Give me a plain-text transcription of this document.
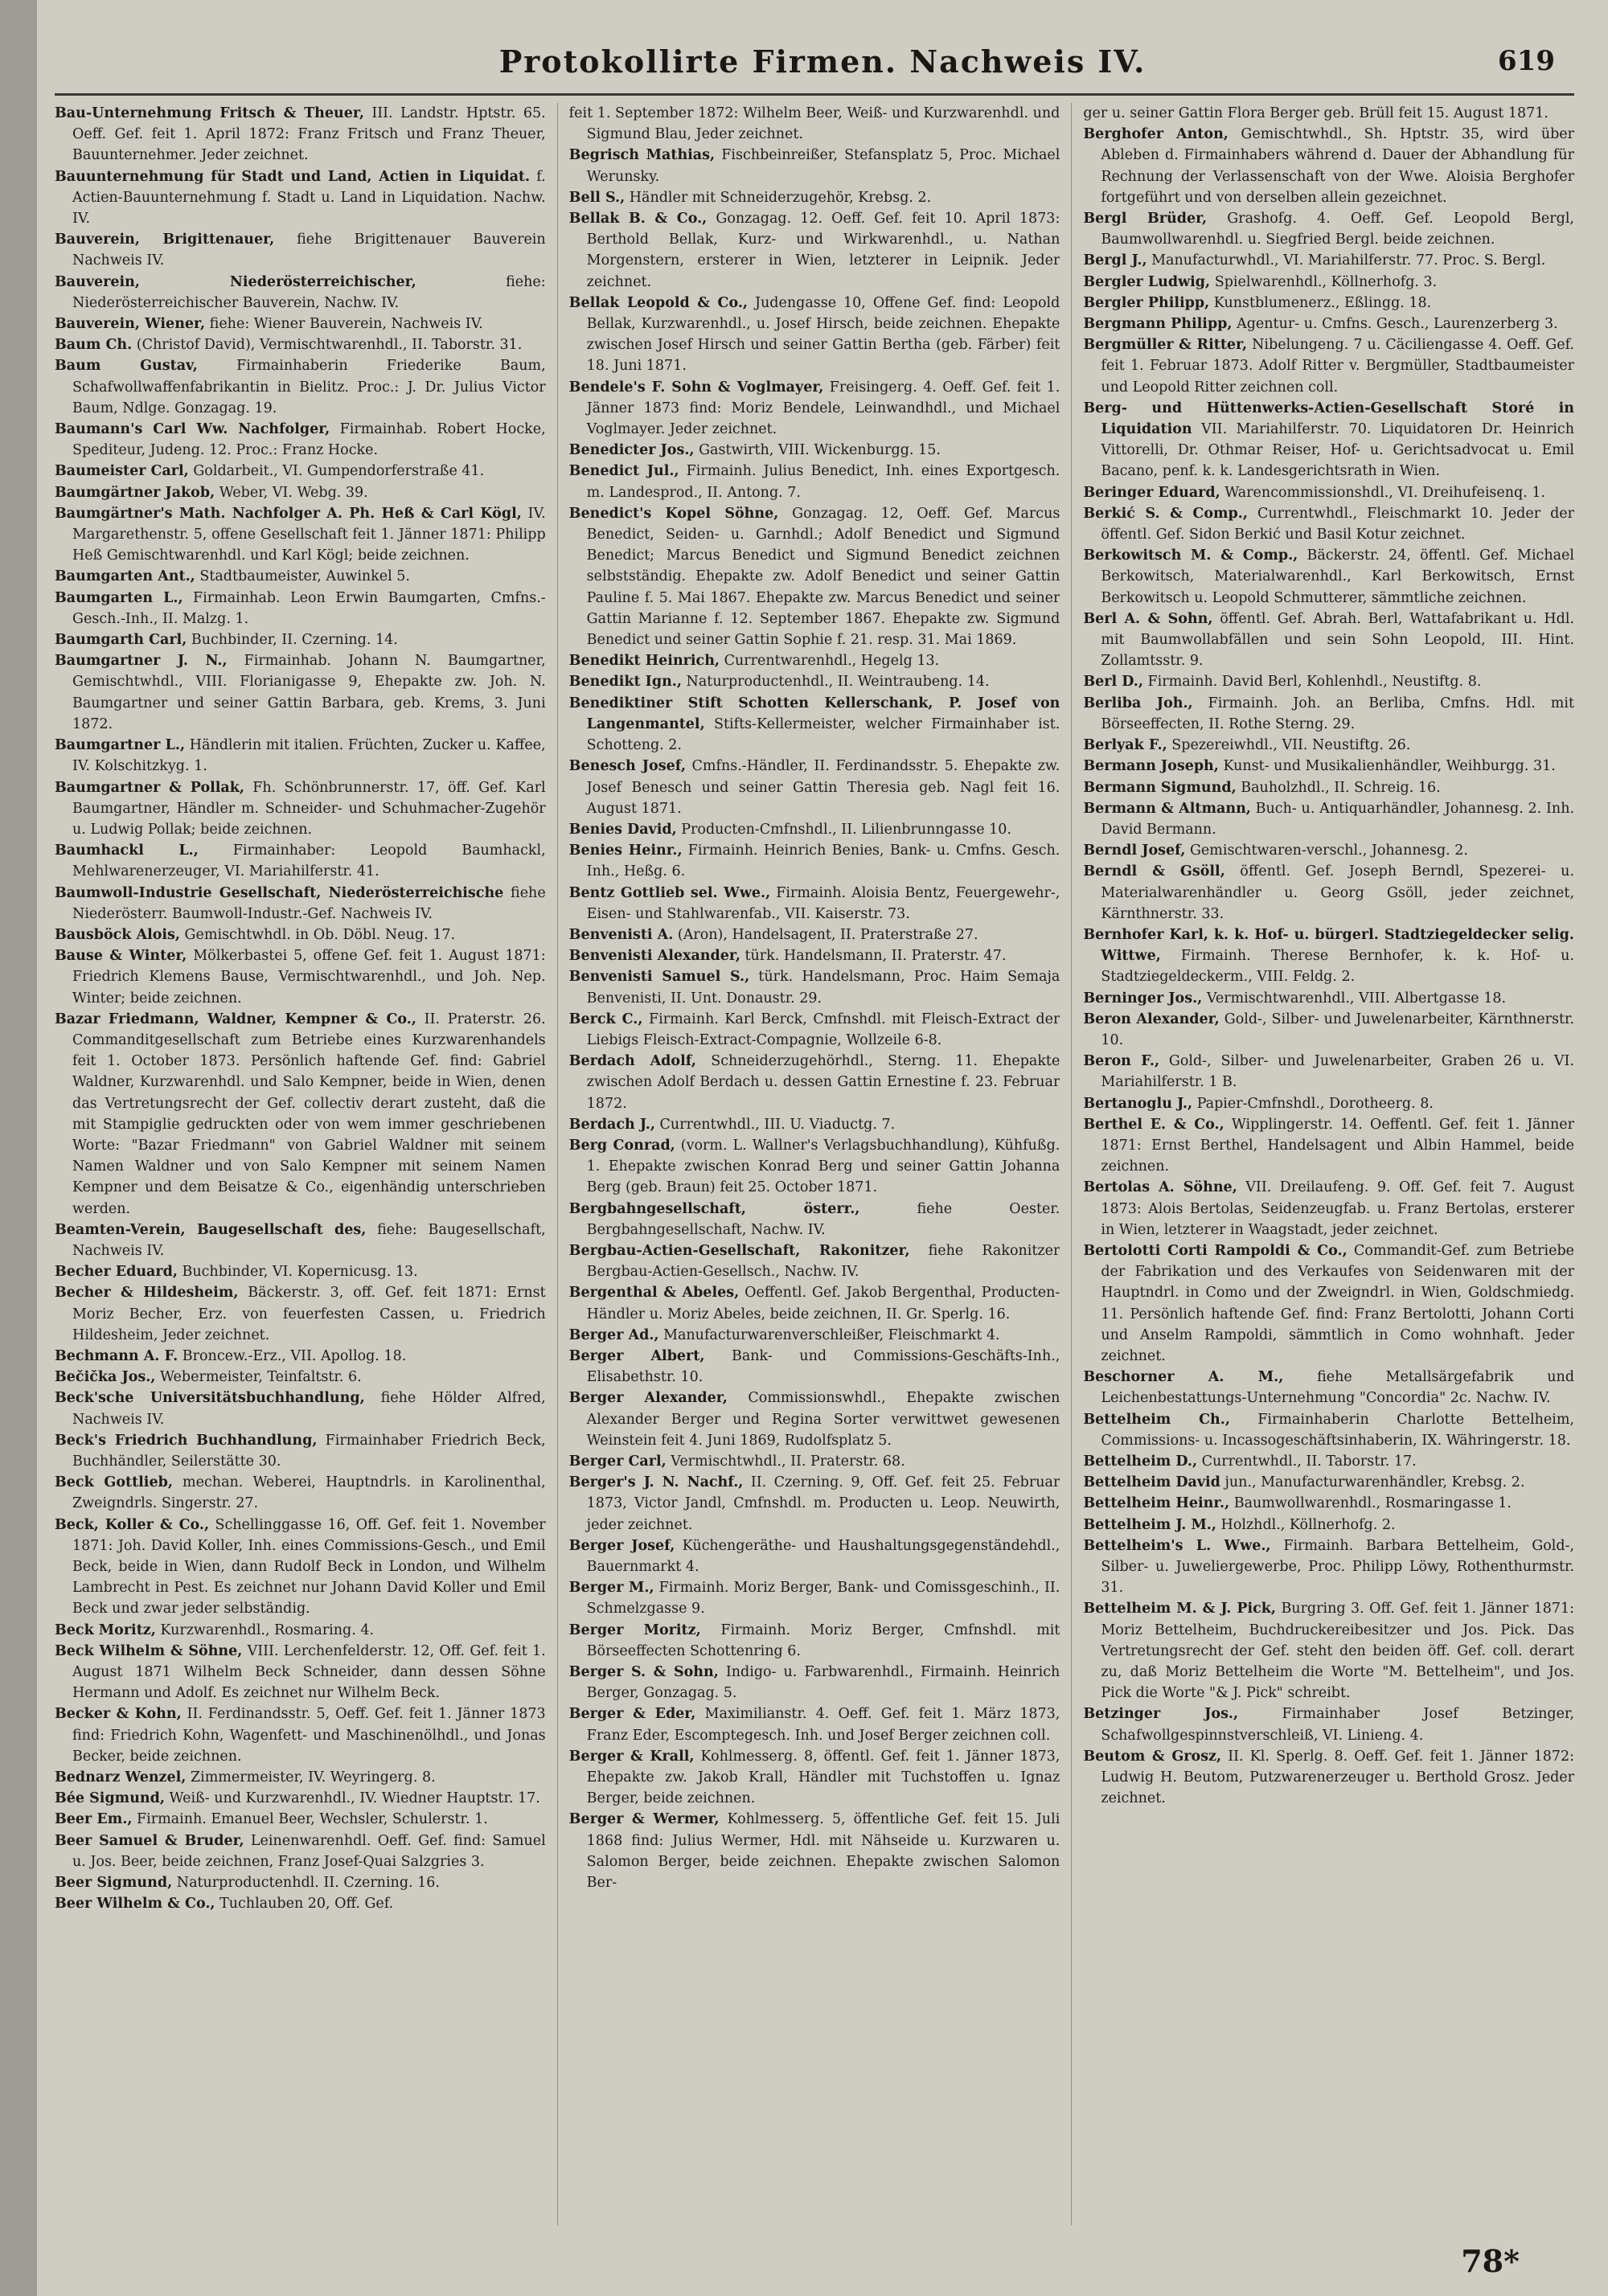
Protokollirte Firmen. Nachweis IV.	619

Bau-Unternehmung Fritsch & Theuer, III. Landstr. Hptstr. 65. Oeff. Gef. feit 1. April 1872: Franz Fritsch und Franz Theuer, Bauunternehmer. Jeder zeichnet.

Bauunternehmung für Stadt und Land, Actien in Liquidat. f. Actien-Bauunternehmung f. Stadt u. Land in Liquidation. Nachw. IV.

Bauverein, Brigittenauer, fiehe Brigittenauer Bauverein Nachweis IV.

Bauverein, Niederösterreichischer, fiehe: Niederösterreichischer Bauverein, Nachw. IV.

Bauverein, Wiener, fiehe: Wiener Bauverein, Nachweis IV.

Baum Ch. (Christof David), Vermischtwarenhdl., II. Taborstr. 31.

Baum Gustav, Firmainhaberin Friederike Baum, Schafwollwaffenfabrikantin in Bielitz. Proc.: J. Dr. Julius Victor Baum, Ndlge. Gonzagag. 19.

Baumann's Carl Ww. Nachfolger, Firmainhab. Robert Hocke, Spediteur, Judeng. 12. Proc.: Franz Hocke.

Baumeister Carl, Goldarbeit., VI. Gumpendorferstraße 41.

Baumgärtner Jakob, Weber, VI. Webg. 39.

Baumgärtner's Math. Nachfolger A. Ph. Heß & Carl Kögl, IV. Margarethenstr. 5, offene Gesellschaft feit 1. Jänner 1871: Philipp Heß Gemischtwarenhdl. und Karl Kögl; beide zeichnen.

Baumgarten Ant., Stadtbaumeister, Auwinkel 5.

Baumgarten L., Firmainhab. Leon Erwin Baumgarten, Cmfns.-Gesch.-Inh., II. Malzg. 1.

Baumgarth Carl, Buchbinder, II. Czerning. 14.

Baumgartner J. N., Firmainhab. Johann N. Baumgartner, Gemischtwhdl., VIII. Florianigasse 9, Ehepakte zw. Joh. N. Baumgartner und seiner Gattin Barbara, geb. Krems, 3. Juni 1872.

Baumgartner L., Händlerin mit italien. Früchten, Zucker u. Kaffee, IV. Kolschitzkyg. 1.

Baumgartner & Pollak, Fh. Schönbrunnerstr. 17, öff. Gef. Karl Baumgartner, Händler m. Schneider- und Schuhmacher-Zugehör u. Ludwig Pollak; beide zeichnen.

Baumhackl L., Firmainhaber: Leopold Baumhackl, Mehlwarenerzeuger, VI. Mariahilferstr. 41.

Baumwoll-Industrie Gesellschaft, Niederösterreichische fiehe Niederösterr. Baumwoll-Industr.-Gef. Nachweis IV.

Bausböck Alois, Gemischtwhdl. in Ob. Döbl. Neug. 17.

Bause & Winter, Mölkerbastei 5, offene Gef. feit 1. August 1871: Friedrich Klemens Bause, Vermischtwarenhdl., und Joh. Nep. Winter; beide zeichnen.

Bazar Friedmann, Waldner, Kempner & Co., II. Praterstr. 26. Commanditgesellschaft zum Betriebe eines Kurzwarenhandels feit 1. October 1873. Persönlich haftende Gef. find: Gabriel Waldner, Kurzwarenhdl. und Salo Kempner, beide in Wien, denen das Vertretungsrecht der Gef. collectiv derart zusteht, daß die mit Stampiglie gedruckten oder von wem immer geschriebenen Worte: "Bazar Friedmann" von Gabriel Waldner mit seinem Namen Waldner und von Salo Kempner mit seinem Namen Kempner und dem Beisatze & Co., eigenhändig unterschrieben werden.

Beamten-Verein, Baugesellschaft des, fiehe: Baugesellschaft, Nachweis IV.

Becher Eduard, Buchbinder, VI. Kopernicusg. 13.

Becher & Hildesheim, Bäckerstr. 3, off. Gef. feit 1871: Ernst Moriz Becher, Erz. von feuerfesten Cassen, u. Friedrich Hildesheim, Jeder zeichnet.

Bechmann A. F. Broncew.-Erz., VII. Apollog. 18.

Bečička Jos., Webermeister, Teinfaltstr. 6.

Beck'sche Universitätsbuchhandlung, fiehe Hölder Alfred, Nachweis IV.

Beck's Friedrich Buchhandlung, Firmainhaber Friedrich Beck, Buchhändler, Seilerstätte 30.

Beck Gottlieb, mechan. Weberei, Hauptndrls. in Karolinenthal, Zweigndrls. Singerstr. 27.

Beck, Koller & Co., Schellinggasse 16, Off. Gef. feit 1. November 1871: Joh. David Koller, Inh. eines Commissions-Gesch., und Emil Beck, beide in Wien, dann Rudolf Beck in London, und Wilhelm Lambrecht in Pest. Es zeichnet nur Johann David Koller und Emil Beck und zwar jeder selbständig.

Beck Moritz, Kurzwarenhdl., Rosmaring. 4.

Beck Wilhelm & Söhne, VIII. Lerchenfelderstr. 12, Off. Gef. feit 1. August 1871 Wilhelm Beck Schneider, dann dessen Söhne Hermann und Adolf. Es zeichnet nur Wilhelm Beck.

Becker & Kohn, II. Ferdinandsstr. 5, Oeff. Gef. feit 1. Jänner 1873 find: Friedrich Kohn, Wagenfett- und Maschinenölhdl., und Jonas Becker, beide zeichnen.

Bednarz Wenzel, Zimmermeister, IV. Weyringerg. 8.

Bée Sigmund, Weiß- und Kurzwarenhdl., IV. Wiedner Hauptstr. 17.

Beer Em., Firmainh. Emanuel Beer, Wechsler, Schulerstr. 1.

Beer Samuel & Bruder, Leinenwarenhdl. Oeff. Gef. find: Samuel u. Jos. Beer, beide zeichnen, Franz Josef-Quai Salzgries 3.

Beer Sigmund, Naturproductenhdl. II. Czerning. 16.

Beer Wilhelm & Co., Tuchlauben 20, Off. Gef.

feit 1. September 1872: Wilhelm Beer, Weiß- und Kurzwarenhdl. und Sigmund Blau, Jeder zeichnet.

Begrisch Mathias, Fischbeinreißer, Stefansplatz 5, Proc. Michael Werunsky.

Bell S., Händler mit Schneiderzugehör, Krebsg. 2.

Bellak B. & Co., Gonzagag. 12. Oeff. Gef. feit 10. April 1873: Berthold Bellak, Kurz- und Wirkwarenhdl., u. Nathan Morgenstern, ersterer in Wien, letzterer in Leipnik. Jeder zeichnet.

Bellak Leopold & Co., Judengasse 10, Offene Gef. find: Leopold Bellak, Kurzwarenhdl., u. Josef Hirsch, beide zeichnen. Ehepakte zwischen Josef Hirsch und seiner Gattin Bertha (geb. Färber) feit 18. Juni 1871.

Bendele's F. Sohn & Voglmayer, Freisingerg. 4. Oeff. Gef. feit 1. Jänner 1873 find: Moriz Bendele, Leinwandhdl., und Michael Voglmayer. Jeder zeichnet.

Benedicter Jos., Gastwirth, VIII. Wickenburgg. 15.

Benedict Jul., Firmainh. Julius Benedict, Inh. eines Exportgesch. m. Landesprod., II. Antong. 7.

Benedict's Kopel Söhne, Gonzagag. 12, Oeff. Gef. Marcus Benedict, Seiden- u. Garnhdl.; Adolf Benedict und Sigmund Benedict; Marcus Benedict und Sigmund Benedict zeichnen selbstständig. Ehepakte zw. Adolf Benedict und seiner Gattin Pauline f. 5. Mai 1867. Ehepakte zw. Marcus Benedict und seiner Gattin Marianne f. 12. September 1867. Ehepakte zw. Sigmund Benedict und seiner Gattin Sophie f. 21. resp. 31. Mai 1869.

Benedikt Heinrich, Currentwarenhdl., Hegelg 13.

Benedikt Ign., Naturproductenhdl., II. Weintraubeng. 14.

Benediktiner Stift Schotten Kellerschank, P. Josef von Langenmantel, Stifts-Kellermeister, welcher Firmainhaber ist. Schotteng. 2.

Benesch Josef, Cmfns.-Händler, II. Ferdinandsstr. 5. Ehepakte zw. Josef Benesch und seiner Gattin Theresia geb. Nagl feit 16. August 1871.

Benies David, Producten-Cmfnshdl., II. Lilienbrunngasse 10.

Benies Heinr., Firmainh. Heinrich Benies, Bank- u. Cmfns. Gesch. Inh., Heßg. 6.

Bentz Gottlieb sel. Wwe., Firmainh. Aloisia Bentz, Feuergewehr-, Eisen- und Stahlwarenfab., VII. Kaiserstr. 73.

Benvenisti A. (Aron), Handelsagent, II. Praterstraße 27.

Benvenisti Alexander, türk. Handelsmann, II. Praterstr. 47.

Benvenisti Samuel S., türk. Handelsmann, Proc. Haim Semaja Benvenisti, II. Unt. Donaustr. 29.

Berck C., Firmainh. Karl Berck, Cmfnshdl. mit Fleisch-Extract der Liebigs Fleisch-Extract-Compagnie, Wollzeile 6-8.

Berdach Adolf, Schneiderzugehörhdl., Sterng. 11. Ehepakte zwischen Adolf Berdach u. dessen Gattin Ernestine f. 23. Februar 1872.

Berdach J., Currentwhdl., III. U. Viaductg. 7.

Berg Conrad, (vorm. L. Wallner's Verlagsbuchhandlung), Kühfußg. 1. Ehepakte zwischen Konrad Berg und seiner Gattin Johanna Berg (geb. Braun) feit 25. October 1871.

Bergbahngesellschaft, österr., fiehe Oester. Bergbahngesellschaft, Nachw. IV.

Bergbau-Actien-Gesellschaft, Rakonitzer, fiehe Rakonitzer Bergbau-Actien-Gesellsch., Nachw. IV.

Bergenthal & Abeles, Oeffentl. Gef. Jakob Bergenthal, Producten-Händler u. Moriz Abeles, beide zeichnen, II. Gr. Sperlg. 16.

Berger Ad., Manufacturwarenverschleißer, Fleischmarkt 4.

Berger Albert, Bank- und Commissions-Geschäfts-Inh., Elisabethstr. 10.

Berger Alexander, Commissionswhdl., Ehepakte zwischen Alexander Berger und Regina Sorter verwittwet gewesenen Weinstein feit 4. Juni 1869, Rudolfsplatz 5.

Berger Carl, Vermischtwhdl., II. Praterstr. 68.

Berger's J. N. Nachf., II. Czerning. 9, Off. Gef. feit 25. Februar 1873, Victor Jandl, Cmfnshdl. m. Producten u. Leop. Neuwirth, jeder zeichnet.

Berger Josef, Küchengeräthe- und Haushaltungsgegenständehdl., Bauernmarkt 4.

Berger M., Firmainh. Moriz Berger, Bank- und Comissgeschinh., II. Schmelzgasse 9.

Berger Moritz, Firmainh. Moriz Berger, Cmfnshdl. mit Börseeffecten Schottenring 6.

Berger S. & Sohn, Indigo- u. Farbwarenhdl., Firmainh. Heinrich Berger, Gonzagag. 5.

Berger & Eder, Maximilianstr. 4. Oeff. Gef. feit 1. März 1873, Franz Eder, Escomptegesch. Inh. und Josef Berger zeichnen coll.

Berger & Krall, Kohlmesserg. 8, öffentl. Gef. feit 1. Jänner 1873, Ehepakte zw. Jakob Krall, Händler mit Tuchstoffen u. Ignaz Berger, beide zeichnen.

Berger & Wermer, Kohlmesserg. 5, öffentliche Gef. feit 15. Juli 1868 find: Julius Wermer, Hdl. mit Nähseide u. Kurzwaren u. Salomon Berger, beide zeichnen. Ehepakte zwischen Salomon Ber-

ger u. seiner Gattin Flora Berger geb. Brüll feit 15. August 1871.

Berghofer Anton, Gemischtwhdl., Sh. Hptstr. 35, wird über Ableben d. Firmainhabers während d. Dauer der Abhandlung für Rechnung der Verlassenschaft von der Wwe. Aloisia Berghofer fortgeführt und von derselben allein gezeichnet.

Bergl Brüder, Grashofg. 4. Oeff. Gef. Leopold Bergl, Baumwollwarenhdl. u. Siegfried Bergl. beide zeichnen.

Bergl J., Manufacturwhdl., VI. Mariahilferstr. 77. Proc. S. Bergl.

Bergler Ludwig, Spielwarenhdl., Köllnerhofg. 3.

Bergler Philipp, Kunstblumenerz., Eßlingg. 18.

Bergmann Philipp, Agentur- u. Cmfns. Gesch., Laurenzerberg 3.

Bergmüller & Ritter, Nibelungeng. 7 u. Cäciliengasse 4. Oeff. Gef. feit 1. Februar 1873. Adolf Ritter v. Bergmüller, Stadtbaumeister und Leopold Ritter zeichnen coll.

Berg- und Hüttenwerks-Actien-Gesellschaft Storé in Liquidation VII. Mariahilferstr. 70. Liquidatoren Dr. Heinrich Vittorelli, Dr. Othmar Reiser, Hof- u. Gerichtsadvocat u. Emil Bacano, penf. k. k. Landesgerichtsrath in Wien.

Beringer Eduard, Warencommissionshdl., VI. Dreihufeisenq. 1.

Berkić S. & Comp., Currentwhdl., Fleischmarkt 10. Jeder der öffentl. Gef. Sidon Berkić und Basil Kotur zeichnet.

Berkowitsch M. & Comp., Bäckerstr. 24, öffentl. Gef. Michael Berkowitsch, Materialwarenhdl., Karl Berkowitsch, Ernst Berkowitsch u. Leopold Schmutterer, sämmtliche zeichnen.

Berl A. & Sohn, öffentl. Gef. Abrah. Berl, Wattafabrikant u. Hdl. mit Baumwollabfällen und sein Sohn Leopold, III. Hint. Zollamtsstr. 9.

Berl D., Firmainh. David Berl, Kohlenhdl., Neustiftg. 8.

Berliba Joh., Firmainh. Joh. an Berliba, Cmfns. Hdl. mit Börseeffecten, II. Rothe Sterng. 29.

Berlyak F., Spezereiwhdl., VII. Neustiftg. 26.

Bermann Joseph, Kunst- und Musikalienhändler, Weihburgg. 31.

Bermann Sigmund, Bauholzhdl., II. Schreig. 16.

Bermann & Altmann, Buch- u. Antiquarhändler, Johannesg. 2. Inh. David Bermann.

Berndl Josef, Gemischtwaren-verschl., Johannesg. 2.

Berndl & Gsöll, öffentl. Gef. Joseph Berndl, Spezerei- u. Materialwarenhändler u. Georg Gsöll, jeder zeichnet, Kärnthnerstr. 33.

Bernhofer Karl, k. k. Hof- u. bürgerl. Stadtziegeldecker selig. Wittwe, Firmainh. Therese Bernhofer, k. k. Hof- u. Stadtziegeldeckerm., VIII. Feldg. 2.

Berninger Jos., Vermischtwarenhdl., VIII. Albertgasse 18.

Beron Alexander, Gold-, Silber- und Juwelenarbeiter, Kärnthnerstr. 10.

Beron F., Gold-, Silber- und Juwelenarbeiter, Graben 26 u. VI. Mariahilferstr. 1 B.

Bertanoglu J., Papier-Cmfnshdl., Dorotheerg. 8.

Berthel E. & Co., Wipplingerstr. 14. Oeffentl. Gef. feit 1. Jänner 1871: Ernst Berthel, Handelsagent und Albin Hammel, beide zeichnen.

Bertolas A. Söhne, VII. Dreilaufeng. 9. Off. Gef. feit 7. August 1873: Alois Bertolas, Seidenzeugfab. u. Franz Bertolas, ersterer in Wien, letzterer in Waagstadt, jeder zeichnet.

Bertolotti Corti Rampoldi & Co., Commandit-Gef. zum Betriebe der Fabrikation und des Verkaufes von Seidenwaren mit der Hauptndrl. in Como und der Zweigndrl. in Wien, Goldschmiedg. 11. Persönlich haftende Gef. find: Franz Bertolotti, Johann Corti und Anselm Rampoldi, sämmtlich in Como wohnhaft. Jeder zeichnet.

Beschorner A. M., fiehe Metallsärgefabrik und Leichenbestattungs-Unternehmung "Concordia" 2c. Nachw. IV.

Bettelheim Ch., Firmainhaberin Charlotte Bettelheim, Commissions- u. Incassogeschäftsinhaberin, IX. Währingerstr. 18.

Bettelheim D., Currentwhdl., II. Taborstr. 17.

Bettelheim David jun., Manufacturwarenhändler, Krebsg. 2.

Bettelheim Heinr., Baumwollwarenhdl., Rosmaringasse 1.

Bettelheim J. M., Holzhdl., Köllnerhofg. 2.

Bettelheim's L. Wwe., Firmainh. Barbara Bettelheim, Gold-, Silber- u. Juweliergewerbe, Proc. Philipp Löwy, Rothenthurmstr. 31.

Bettelheim M. & J. Pick, Burgring 3. Off. Gef. feit 1. Jänner 1871: Moriz Bettelheim, Buchdruckereibesitzer und Jos. Pick. Das Vertretungsrecht der Gef. steht den beiden öff. Gef. coll. derart zu, daß Moriz Bettelheim die Worte "M. Bettelheim", und Jos. Pick die Worte "& J. Pick" schreibt.

Betzinger Jos., Firmainhaber Josef Betzinger, Schafwollgespinnstverschleiß, VI. Linieng. 4.

Beutom & Grosz, II. Kl. Sperlg. 8. Oeff. Gef. feit 1. Jänner 1872: Ludwig H. Beutom, Putzwarenerzeuger u. Berthold Grosz. Jeder zeichnet.

78*
